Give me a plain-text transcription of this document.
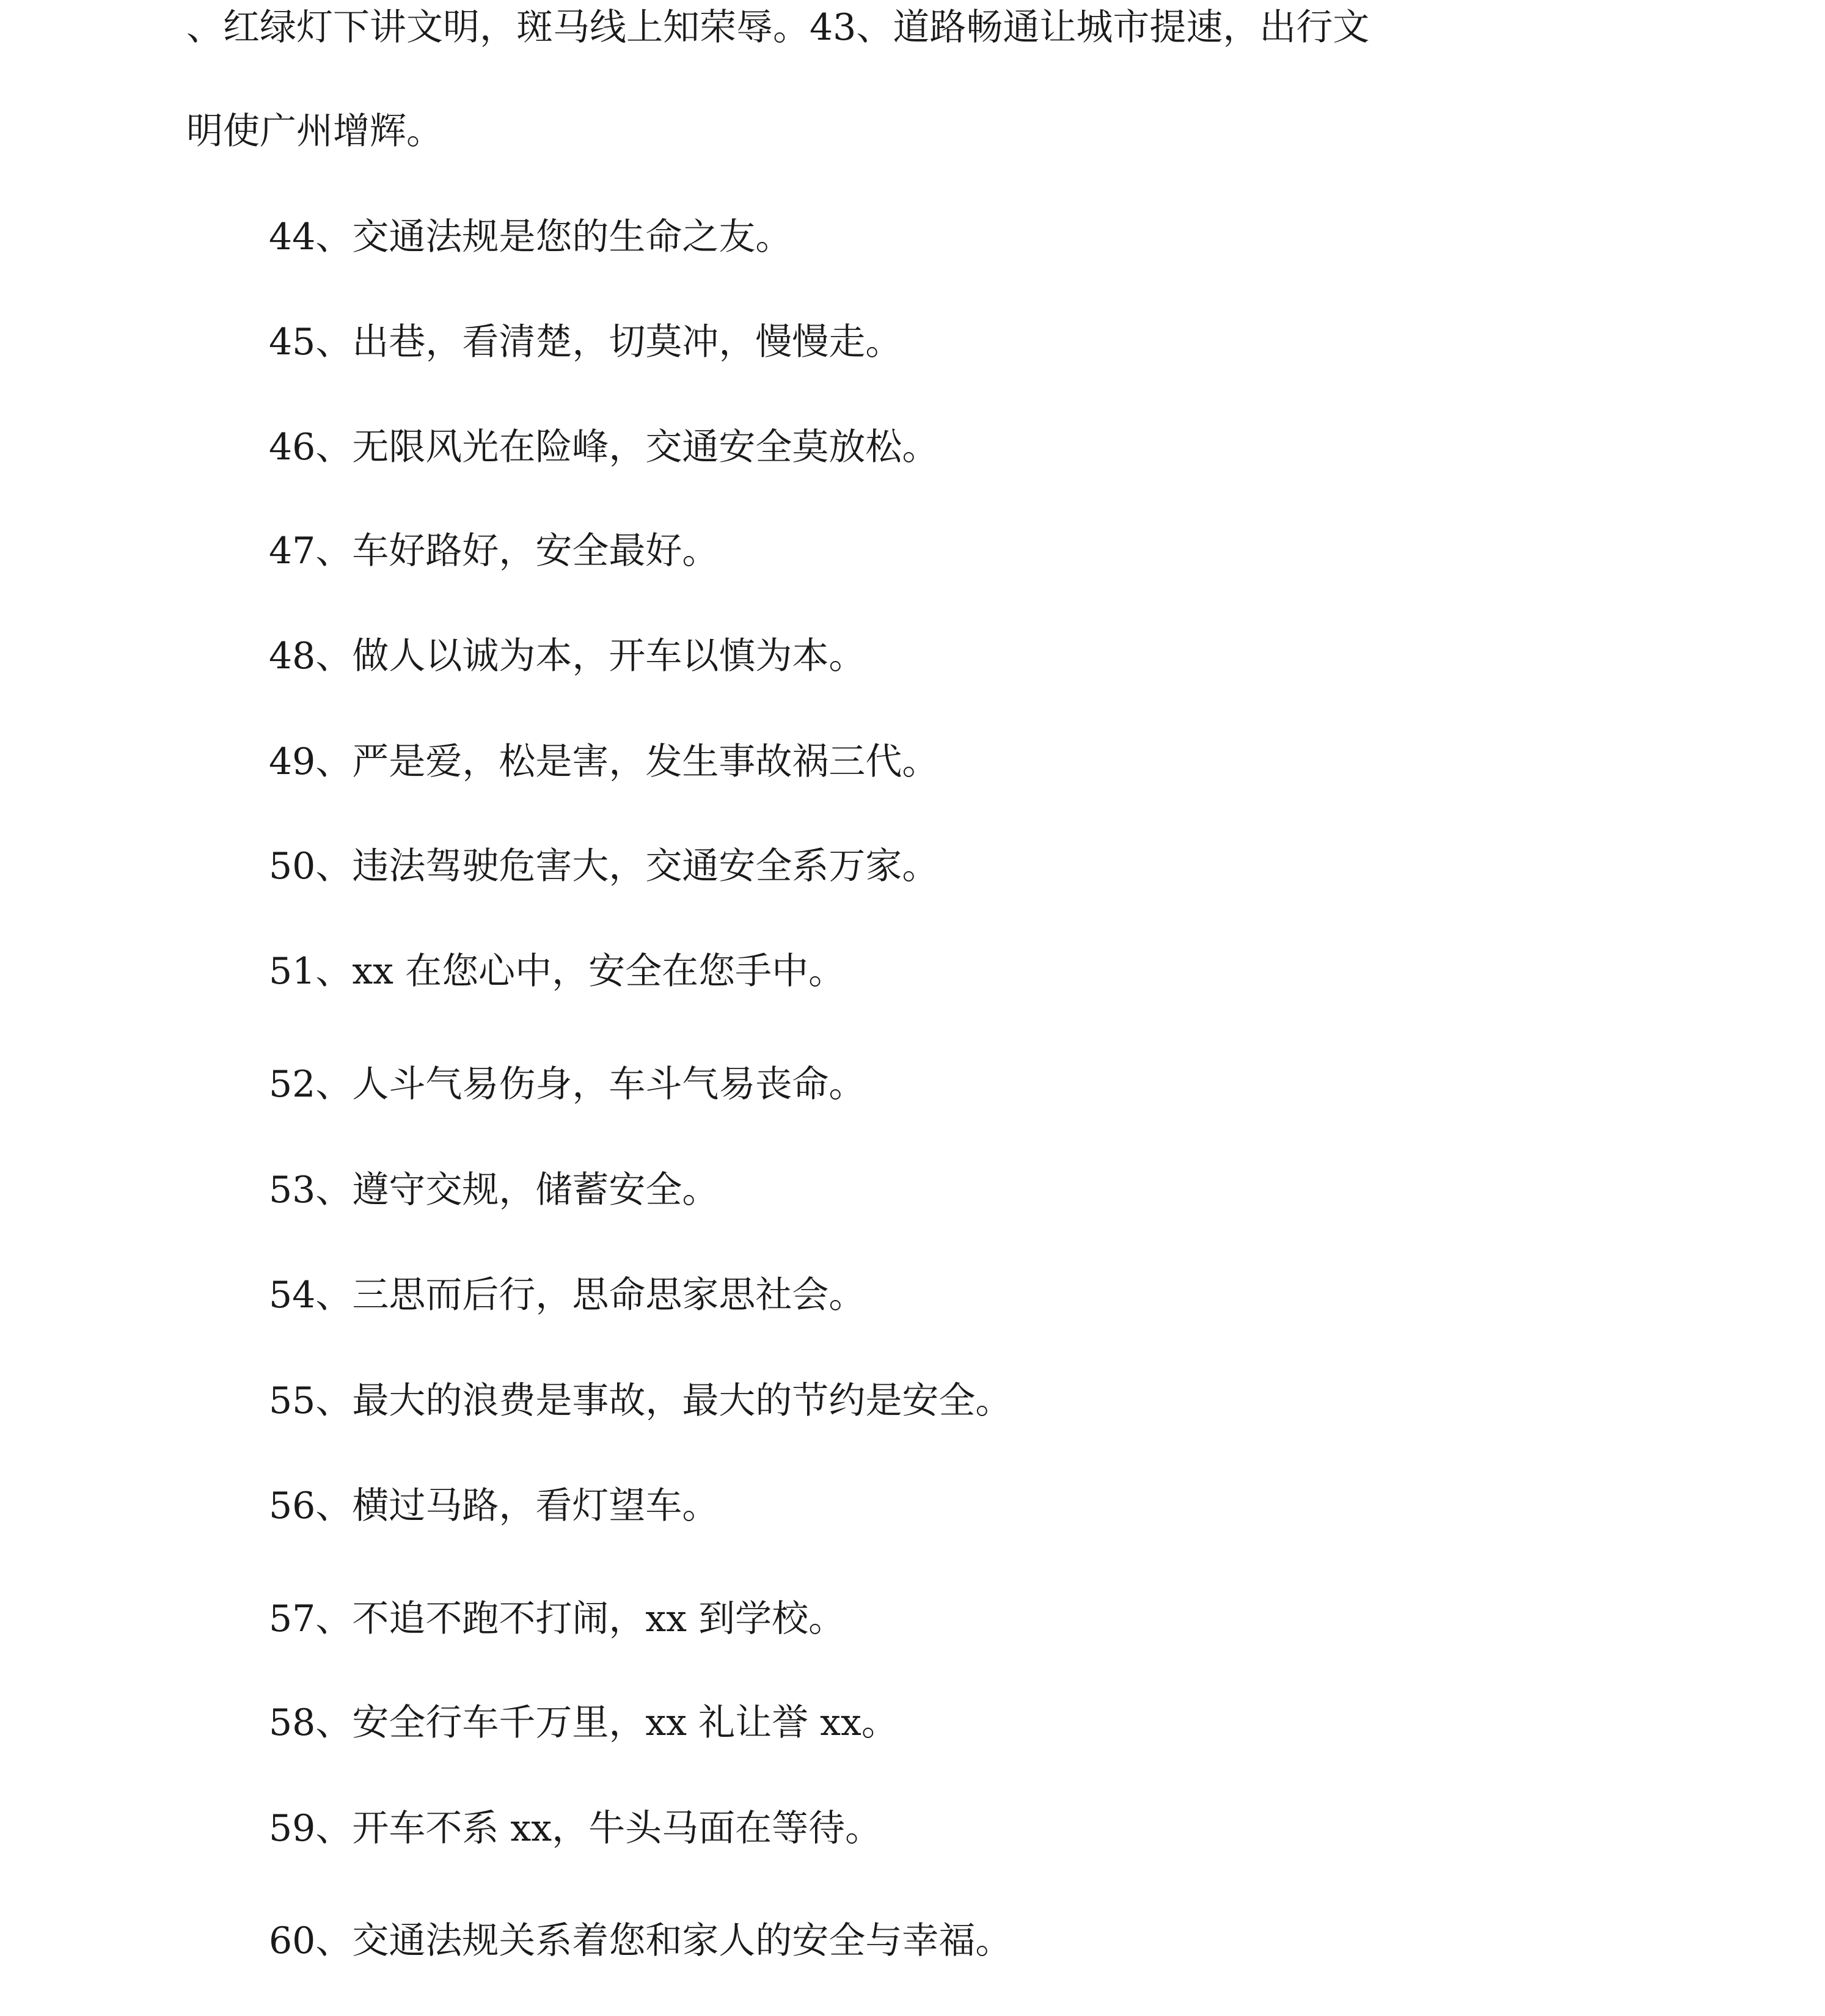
、红绿灯下讲文明，斑马线上知荣辱。43、道路畅通让城市提速，出行文
明使广州增辉。
44、交通法规是您的生命之友。
45、出巷，看清楚，切莫冲，慢慢走。
46、无限风光在险峰，交通安全莫放松。
47、车好路好，安全最好。
48、做人以诚为本，开车以慎为本。
49、严是爱，松是害，发生事故祸三代。
50、违法驾驶危害大，交通安全系万家。
51、xx 在您心中，安全在您手中。
52、人斗气易伤身，车斗气易丧命。
53、遵守交规，储蓄安全。
54、三思而后行，思命思家思社会。
55、最大的浪费是事故，最大的节约是安全。
56、横过马路，看灯望车。
57、不追不跑不打闹，xx 到学校。
58、安全行车千万里，xx 礼让誉 xx。
59、开车不系 xx，牛头马面在等待。
60、交通法规关系着您和家人的安全与幸福。
